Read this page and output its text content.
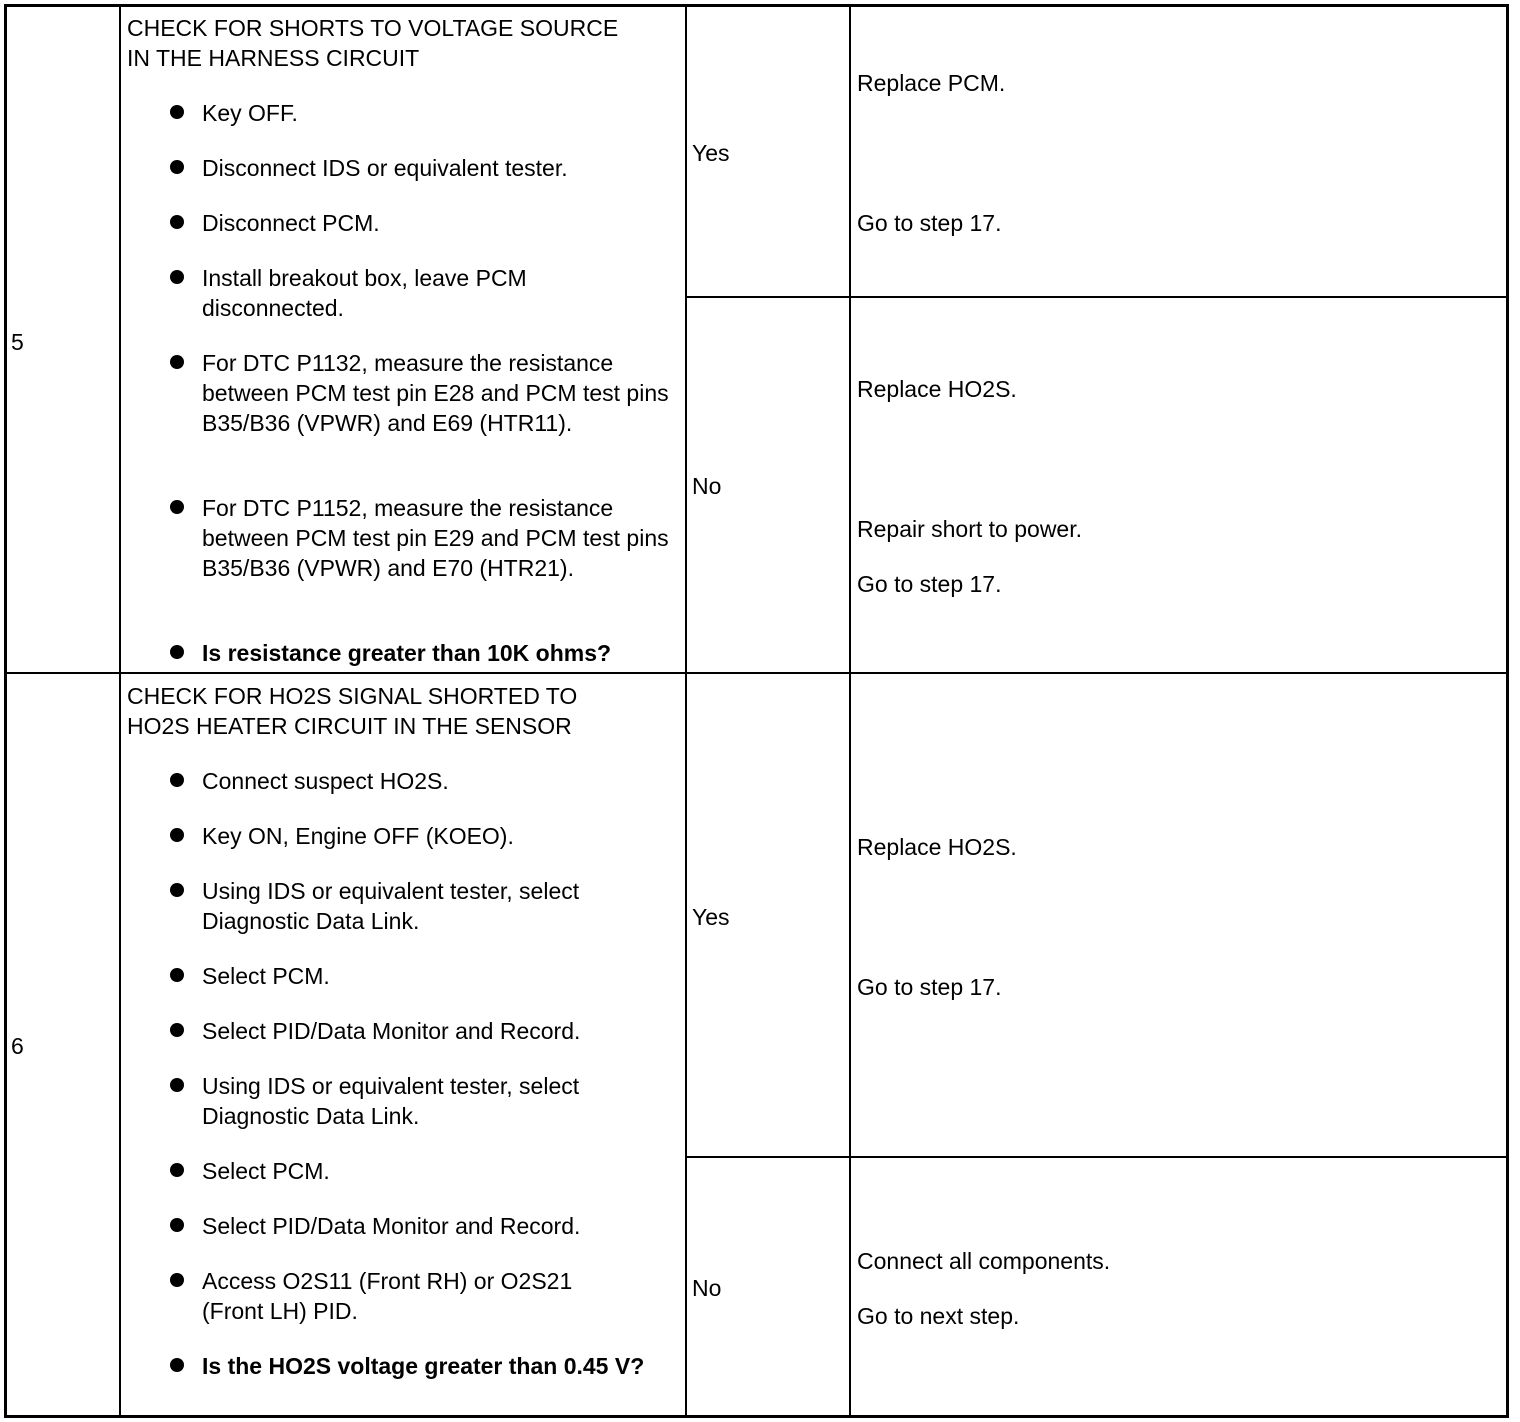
5
CHECK FOR SHORTS TO VOLTAGE SOURCE
IN THE HARNESS CIRCUIT
Key OFF.
Disconnect IDS or equivalent tester.
Disconnect PCM.
Install breakout box, leave PCM disconnected.
For DTC P1132, measure the resistance between PCM test pin E28 and PCM test pins B35/B36 (VPWR) and E69 (HTR11).
For DTC P1152, measure the resistance between PCM test pin E29 and PCM test pins B35/B36 (VPWR) and E70 (HTR21).
Is resistance greater than 10K ohms?
Yes
Replace PCM.
Go to step 17.
No
Replace HO2S.
Repair short to power.
Go to step 17.
6
CHECK FOR HO2S SIGNAL SHORTED TO
HO2S HEATER CIRCUIT IN THE SENSOR
Connect suspect HO2S.
Key ON, Engine OFF (KOEO).
Using IDS or equivalent tester, select Diagnostic Data Link.
Select PCM.
Select PID/Data Monitor and Record.
Using IDS or equivalent tester, select Diagnostic Data Link.
Select PCM.
Select PID/Data Monitor and Record.
Access O2S11 (Front RH) or O2S21 (Front LH) PID.
Is the HO2S voltage greater than 0.45 V?
Yes
Replace HO2S.
Go to step 17.
No
Connect all components.
Go to next step.
